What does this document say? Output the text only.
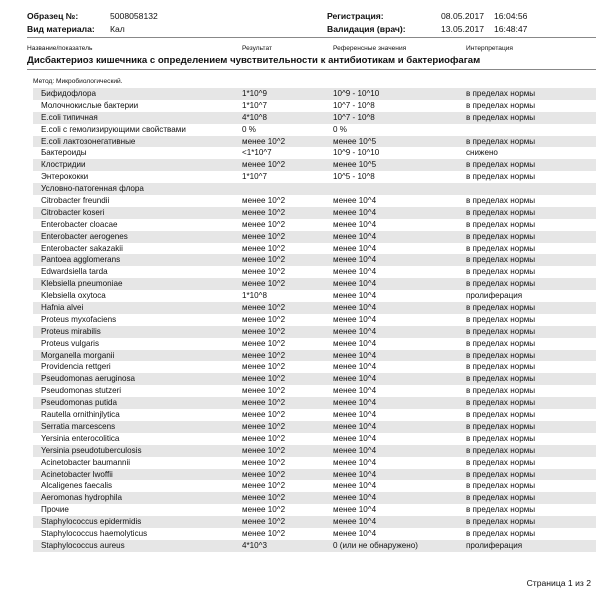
Образец №:	5008058132
Вид материала: Кал
Регистрация:	08.05.2017 16:04:56
Валидация (врач):	13.05.2017 16:48:47
Название/показатель	Результат	Референсные значения	Интерпретация
Дисбактериоз кишечника с определением чувствительности к антибиотикам и бактериофагам
Метод: Микробиологический.
Бифидофлора	1*10^9	10^9 - 10^10	в пределах нормы
Молочнокислые бактерии	1*10^7	10^7 - 10^8	в пределах нормы
E.coli типичная	4*10^8	10^7 - 10^8	в пределах нормы
E.coli с гемолизирующими свойствами	0 %	0 %
E.coli лактозонегативные	менее 10^2	менее 10^5	в пределах нормы
Бактероиды	<1*10^7	10^9 - 10^10	снижено
Клостридии	менее 10^2	менее 10^5	в пределах нормы
Энтерококки	1*10^7	10^5 - 10^8	в пределах нормы
Условно-патогенная флора
Citrobacter freundii	менее 10^2	менее 10^4	в пределах нормы
Citrobacter koseri	менее 10^2	менее 10^4	в пределах нормы
Enterobacter cloacae	менее 10^2	менее 10^4	в пределах нормы
Enterobacter aerogenes	менее 10^2	менее 10^4	в пределах нормы
Enterobacter sakazakii	менее 10^2	менее 10^4	в пределах нормы
Pantoea agglomerans	менее 10^2	менее 10^4	в пределах нормы
Edwardsiella tarda	менее 10^2	менее 10^4	в пределах нормы
Klebsiella pneumoniae	менее 10^2	менее 10^4	в пределах нормы
Klebsiella oxytoca	1*10^8	менее 10^4	пролиферация
Hafnia alvei	менее 10^2	менее 10^4	в пределах нормы
Proteus myxofaciens	менее 10^2	менее 10^4	в пределах нормы
Proteus mirabilis	менее 10^2	менее 10^4	в пределах нормы
Proteus vulgaris	менее 10^2	менее 10^4	в пределах нормы
Morganella morganii	менее 10^2	менее 10^4	в пределах нормы
Providencia rettgeri	менее 10^2	менее 10^4	в пределах нормы
Pseudomonas aeruginosa	менее 10^2	менее 10^4	в пределах нормы
Pseudomonas stutzeri	менее 10^2	менее 10^4	в пределах нормы
Pseudomonas putida	менее 10^2	менее 10^4	в пределах нормы
Rautella ornithinjlytica	менее 10^2	менее 10^4	в пределах нормы
Serratia marcescens	менее 10^2	менее 10^4	в пределах нормы
Yersinia enterocolitica	менее 10^2	менее 10^4	в пределах нормы
Yersinia pseudotuberculosis	менее 10^2	менее 10^4	в пределах нормы
Acinetobacter baumannii	менее 10^2	менее 10^4	в пределах нормы
Acinetobacter lwoffii	менее 10^2	менее 10^4	в пределах нормы
Alcaligenes faecalis	менее 10^2	менее 10^4	в пределах нормы
Aeromonas hydrophila	менее 10^2	менее 10^4	в пределах нормы
Прочие	менее 10^2	менее 10^4	в пределах нормы
Staphylococcus epidermidis	менее 10^2	менее 10^4	в пределах нормы
Staphylococcus haemolyticus	менее 10^2	менее 10^4	в пределах нормы
Staphylococcus aureus	4*10^3	0 (или не обнаружено)	пролиферация
Страница 1 из 2
